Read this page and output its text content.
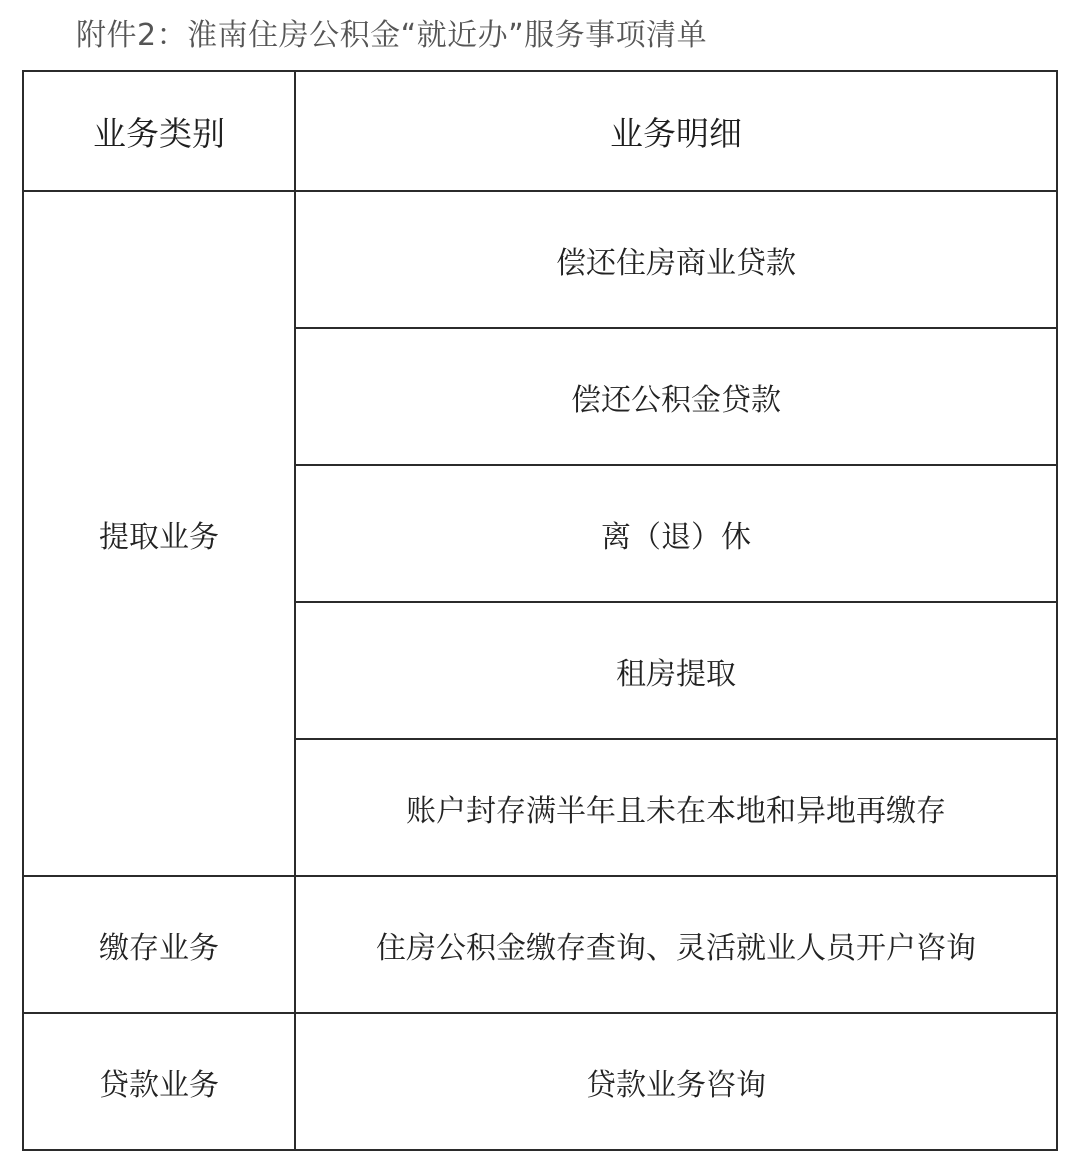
附件2：淮南住房公积金“就近办”服务事项清单
业务类别	业务明细
提取业务	偿还住房商业贷款
	偿还公积金贷款
	离（退）休
	租房提取
	账户封存满半年且未在本地和异地再缴存
缴存业务	住房公积金缴存查询、灵活就业人员开户咨询
贷款业务	贷款业务咨询
